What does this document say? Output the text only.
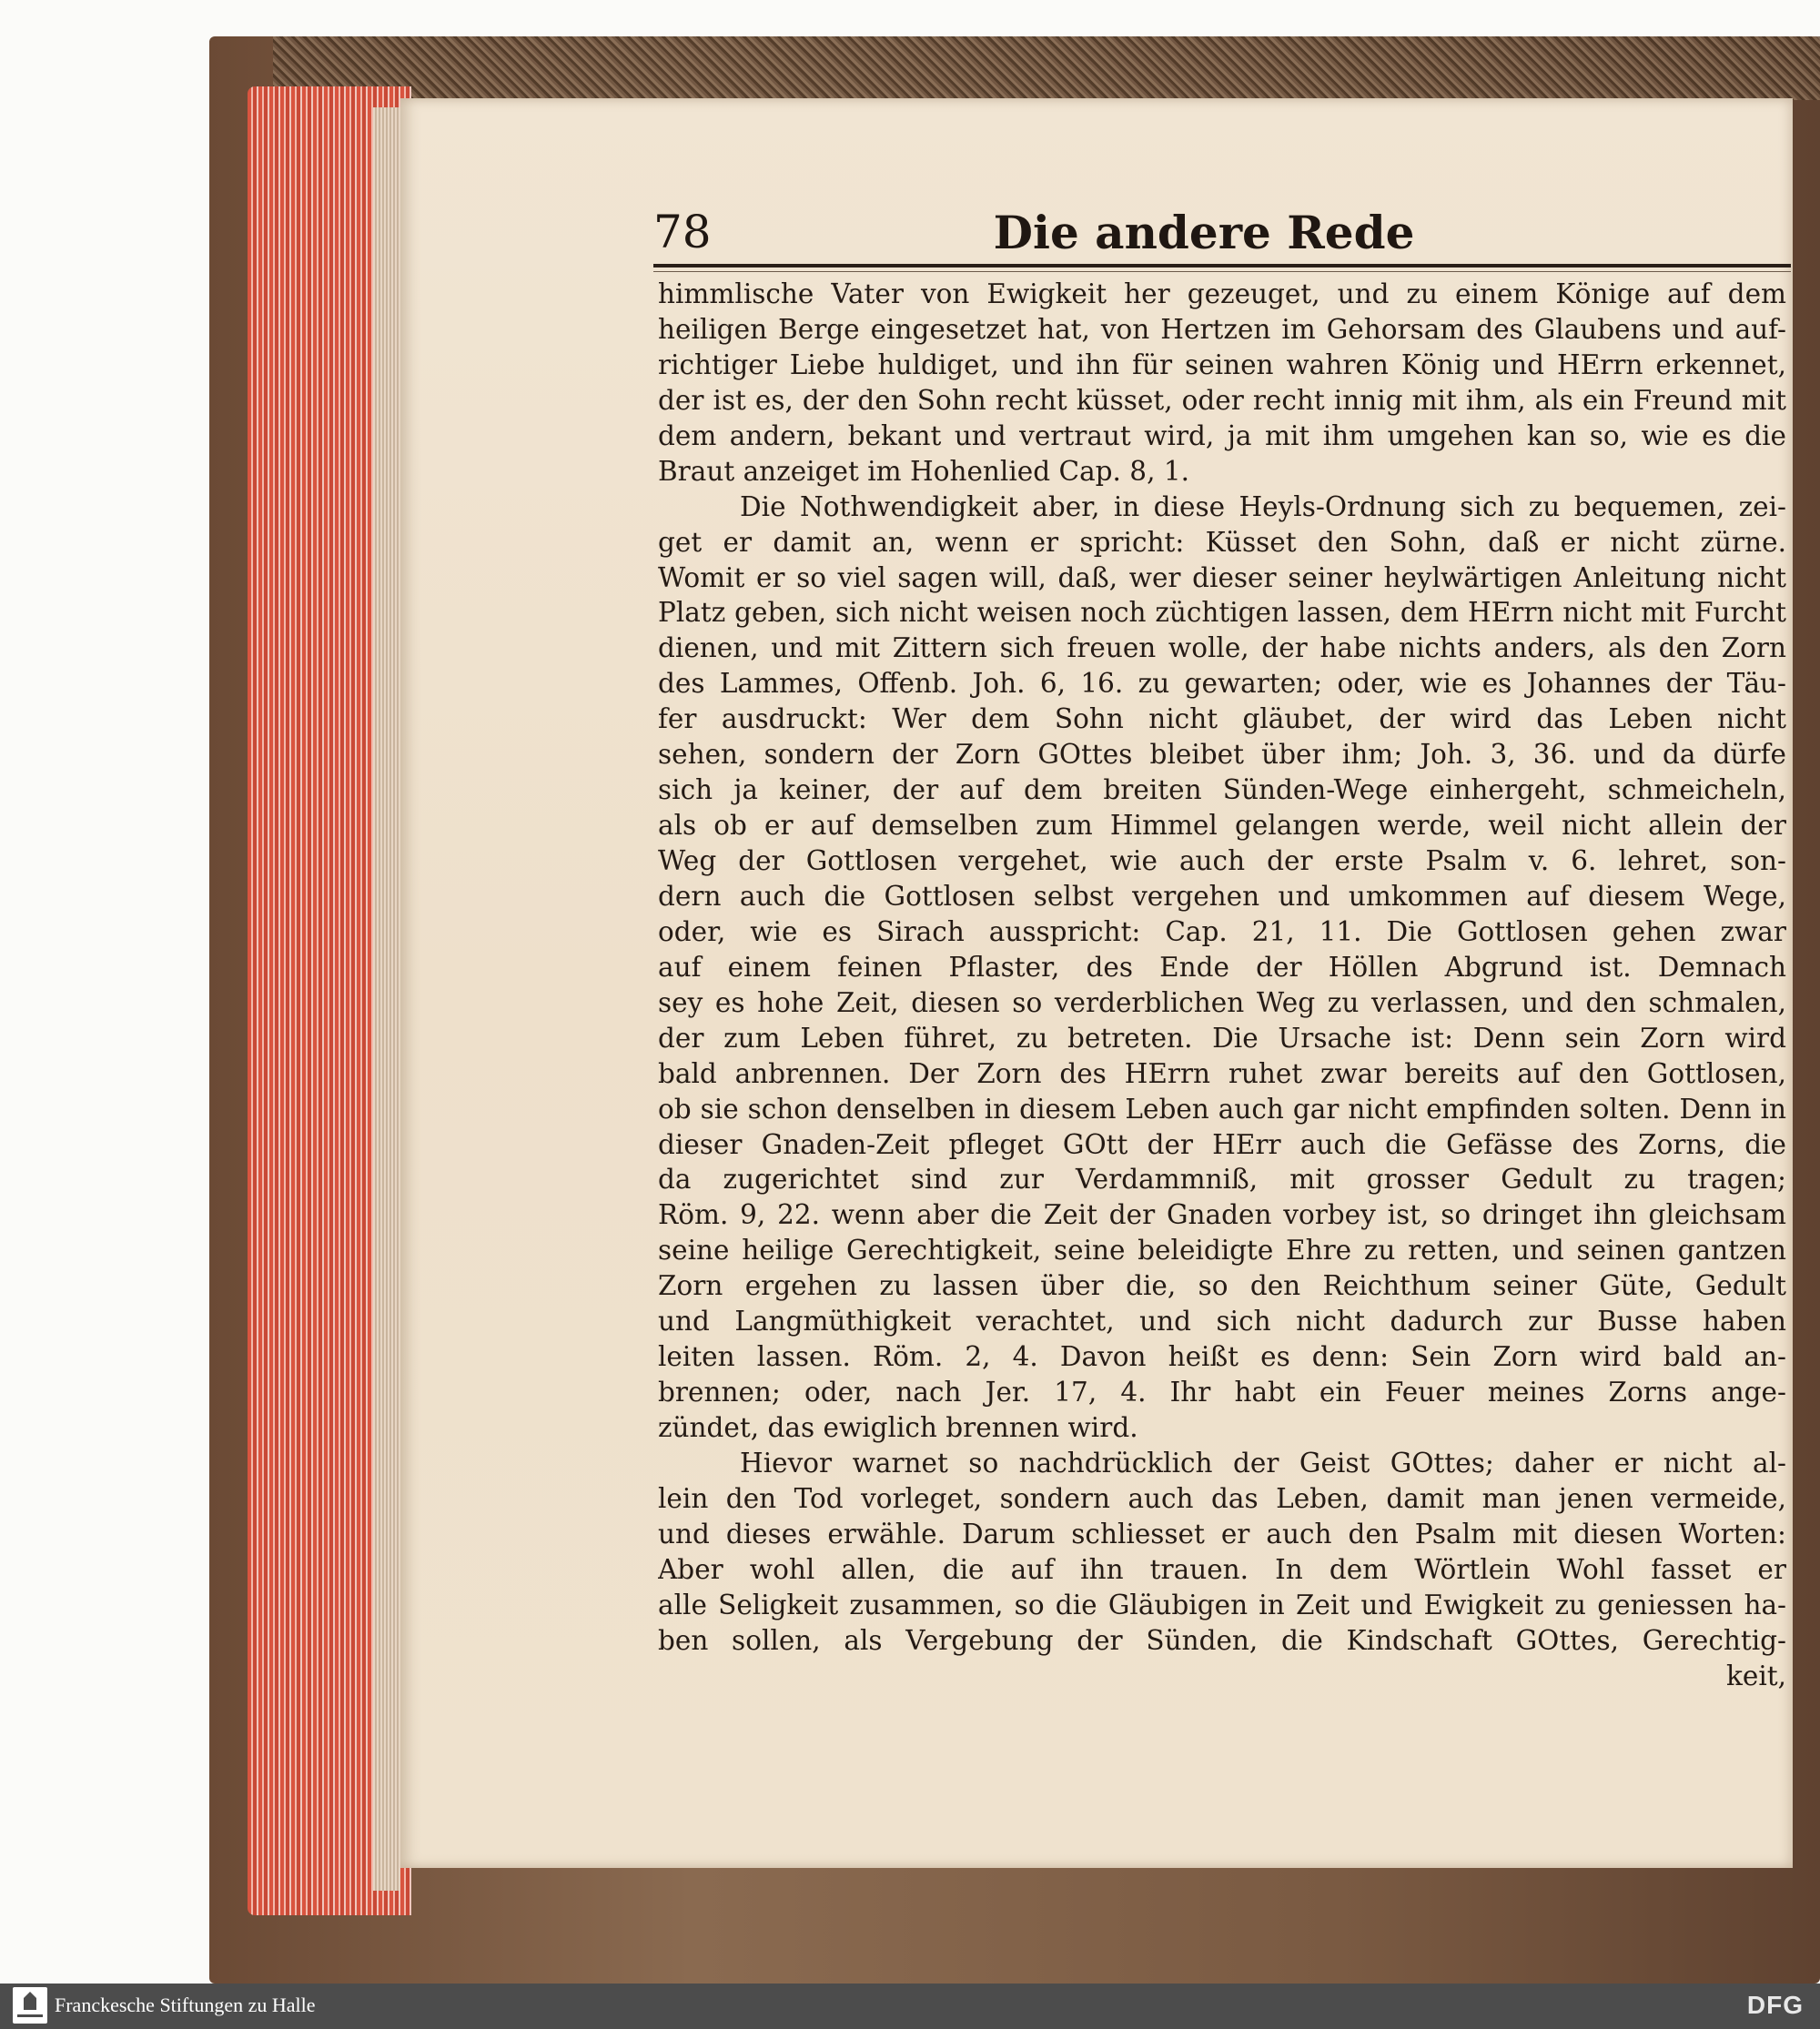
78	Die andere Rede
himmlische Vater von Ewigkeit her gezeuget, und zu einem Könige auf dem
heiligen Berge eingesetzet hat, von Hertzen im Gehorsam des Glaubens und auf-
richtiger Liebe huldiget, und ihn für seinen wahren König und HErrn erkennet,
der ist es, der den Sohn recht küsset, oder recht innig mit ihm, als ein Freund mit
dem andern, bekant und vertraut wird, ja mit ihm umgehen kan so, wie es die
Braut anzeiget im Hohenlied Cap. 8, 1.
Die Nothwendigkeit aber, in diese Heyls-Ordnung sich zu bequemen, zei-
get er damit an, wenn er spricht: Küsset den Sohn, daß er nicht zürne.
Womit er so viel sagen will, daß, wer dieser seiner heylwärtigen Anleitung nicht
Platz geben, sich nicht weisen noch züchtigen lassen, dem HErrn nicht mit Furcht
dienen, und mit Zittern sich freuen wolle, der habe nichts anders, als den Zorn
des Lammes, Offenb. Joh. 6, 16. zu gewarten; oder, wie es Johannes der Täu-
fer ausdruckt: Wer dem Sohn nicht gläubet, der wird das Leben nicht
sehen, sondern der Zorn GOttes bleibet über ihm; Joh. 3, 36. und da dürfe
sich ja keiner, der auf dem breiten Sünden-Wege einhergeht, schmeicheln,
als ob er auf demselben zum Himmel gelangen werde, weil nicht allein der
Weg der Gottlosen vergehet, wie auch der erste Psalm v. 6. lehret, son-
dern auch die Gottlosen selbst vergehen und umkommen auf diesem Wege,
oder, wie es Sirach ausspricht: Cap. 21, 11. Die Gottlosen gehen zwar
auf einem feinen Pflaster, des Ende der Höllen Abgrund ist. Demnach
sey es hohe Zeit, diesen so verderblichen Weg zu verlassen, und den schmalen,
der zum Leben führet, zu betreten. Die Ursache ist: Denn sein Zorn wird
bald anbrennen. Der Zorn des HErrn ruhet zwar bereits auf den Gottlosen,
ob sie schon denselben in diesem Leben auch gar nicht empfinden solten. Denn in
dieser Gnaden-Zeit pfleget GOtt der HErr auch die Gefässe des Zorns, die
da zugerichtet sind zur Verdammniß, mit grosser Gedult zu tragen;
Röm. 9, 22. wenn aber die Zeit der Gnaden vorbey ist, so dringet ihn gleichsam
seine heilige Gerechtigkeit, seine beleidigte Ehre zu retten, und seinen gantzen
Zorn ergehen zu lassen über die, so den Reichthum seiner Güte, Gedult
und Langmüthigkeit verachtet, und sich nicht dadurch zur Busse haben
leiten lassen. Röm. 2, 4. Davon heißt es denn: Sein Zorn wird bald an-
brennen; oder, nach Jer. 17, 4. Ihr habt ein Feuer meines Zorns ange-
zündet, das ewiglich brennen wird.
Hievor warnet so nachdrücklich der Geist GOttes; daher er nicht al-
lein den Tod vorleget, sondern auch das Leben, damit man jenen vermeide,
und dieses erwähle. Darum schliesset er auch den Psalm mit diesen Worten:
Aber wohl allen, die auf ihn trauen. In dem Wörtlein Wohl fasset er
alle Seligkeit zusammen, so die Gläubigen in Zeit und Ewigkeit zu geniessen ha-
ben sollen, als Vergebung der Sünden, die Kindschaft GOttes, Gerechtig-
keit,
Franckesche Stiftungen zu Halle	DFG
